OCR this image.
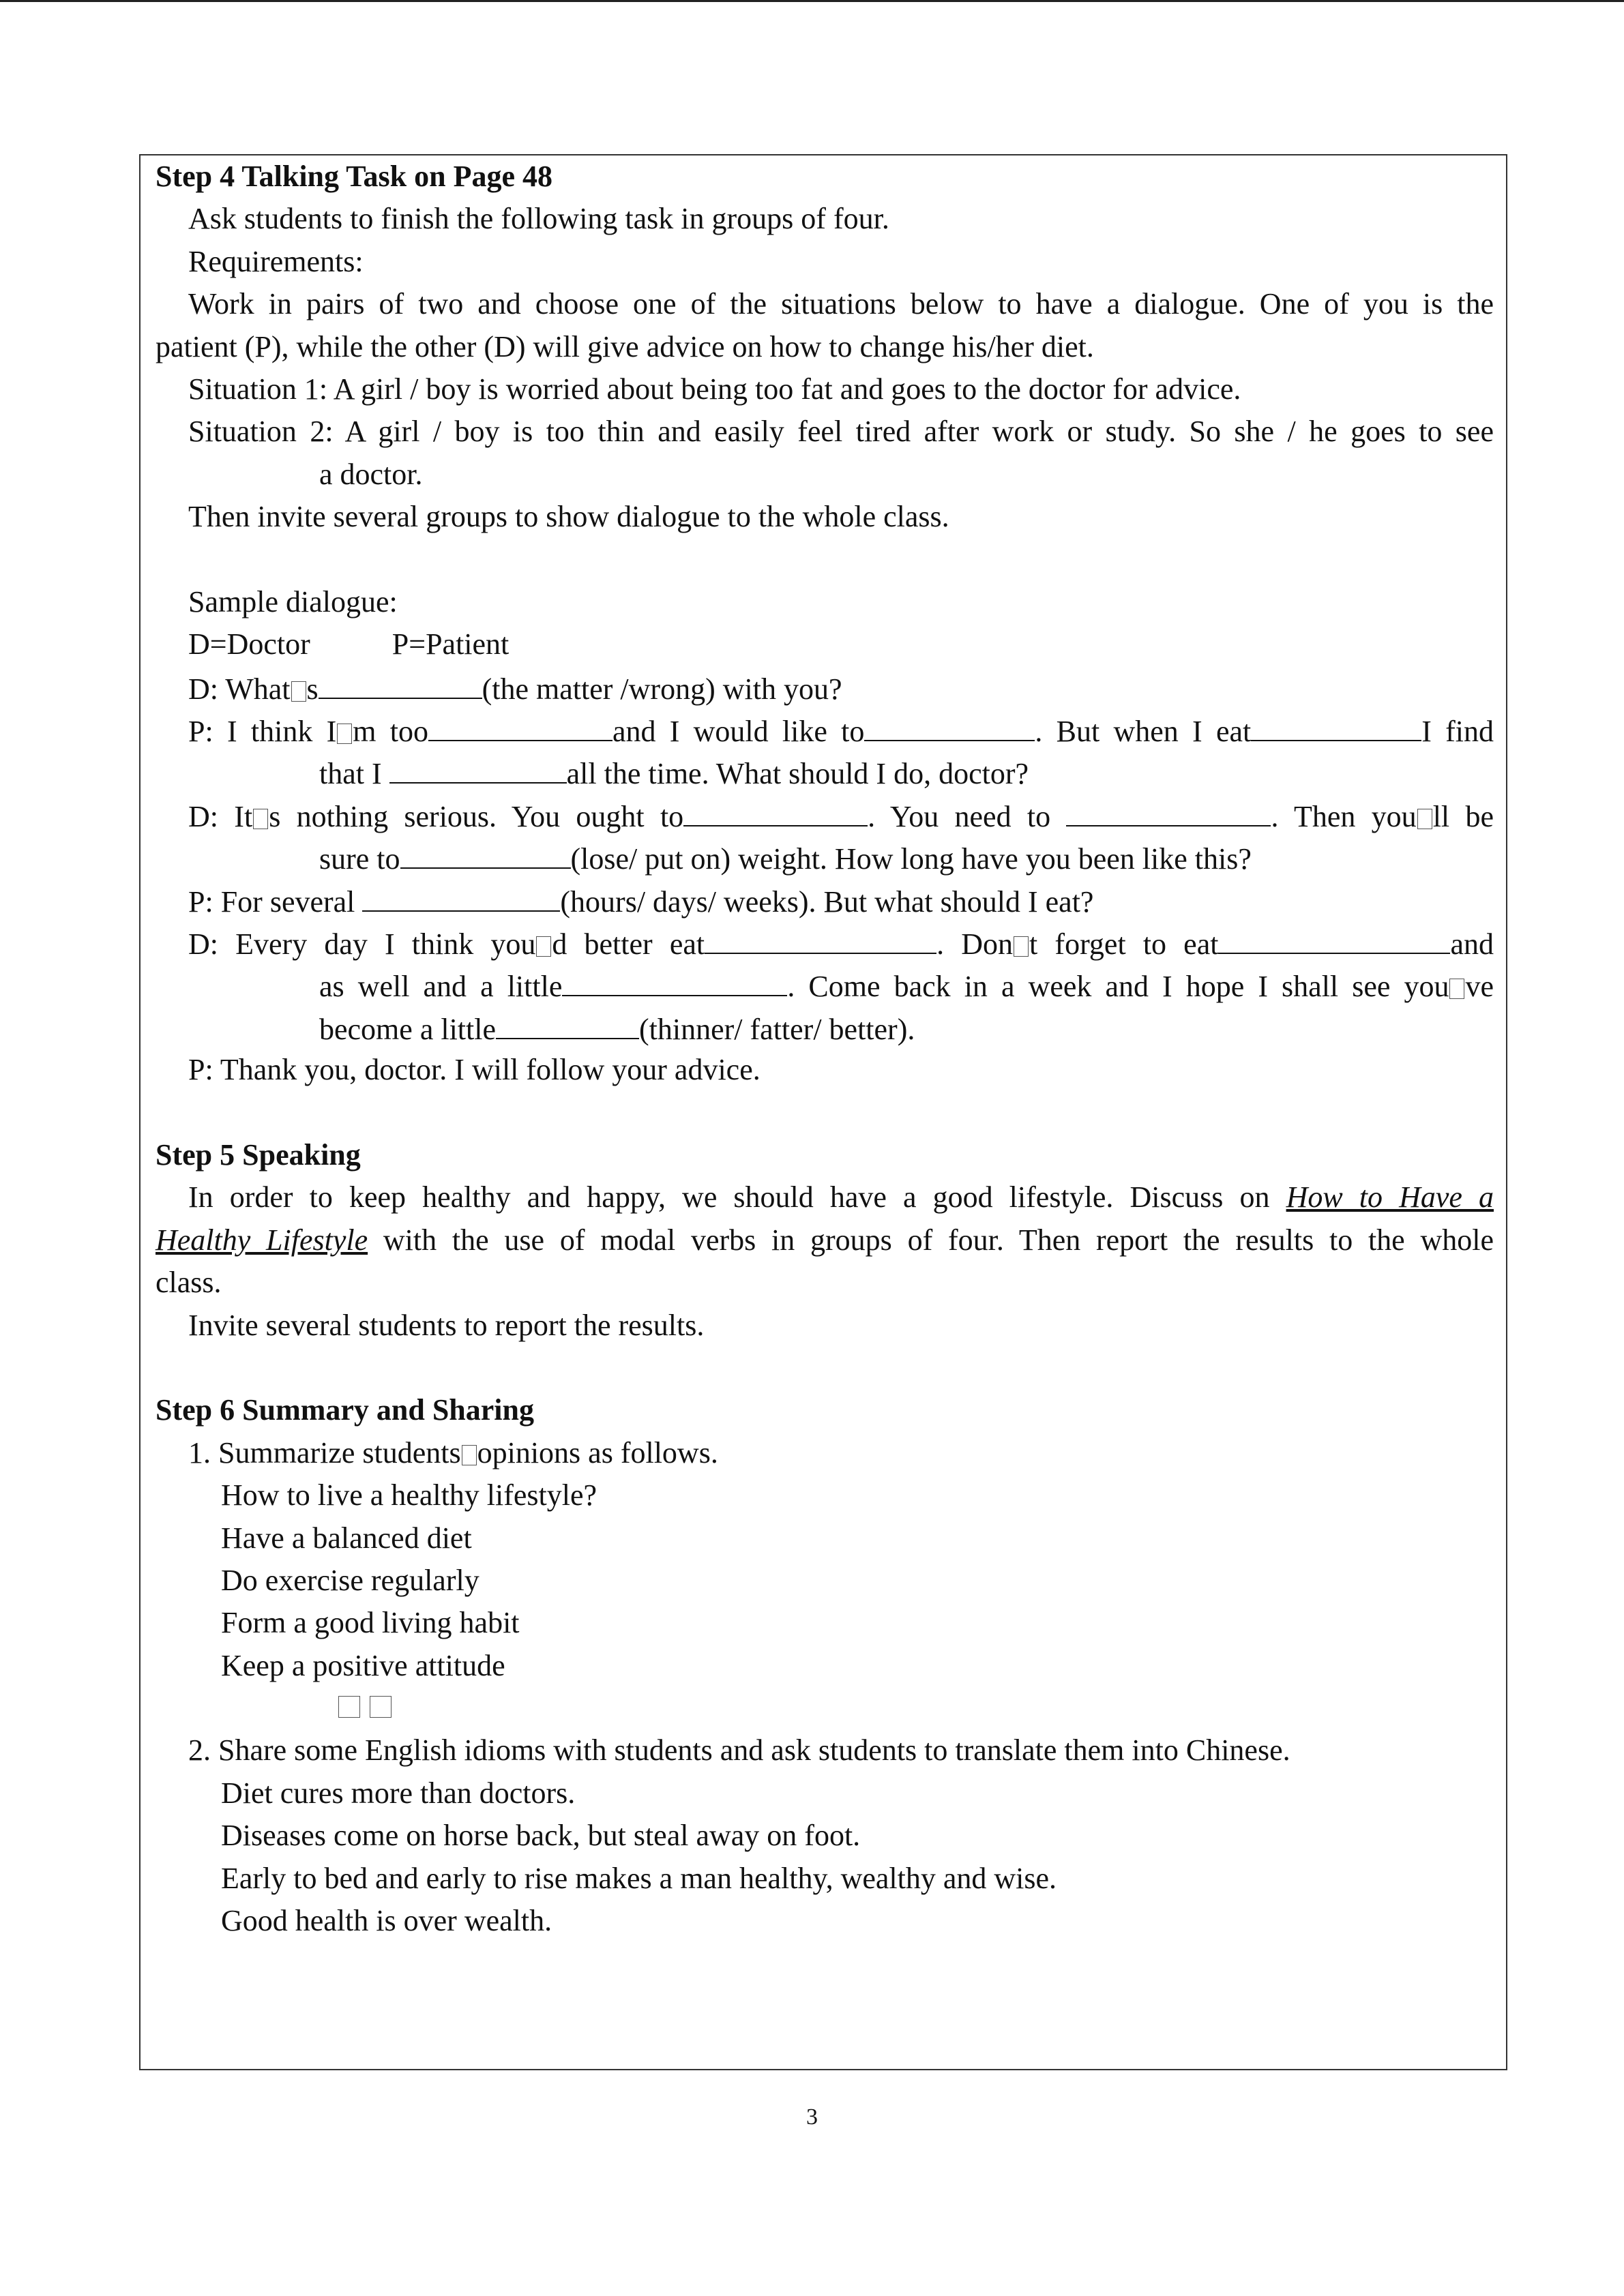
Step 4 Talking Task on Page 48
Ask students to finish the following task in groups of four.
Requirements:
Work in pairs of two and choose one of the situations below to have a dialogue. One of you is the
patient (P), while the other (D) will give advice on how to change his/her diet.
Situation 1: A girl / boy is worried about being too fat and goes to the doctor for advice.
Situation 2: A girl / boy is too thin and easily feel tired after work or study. So she / he goes to see
a doctor.
Then invite several groups to show dialogue to the whole class.
Sample dialogue:
D=Doctor	P=Patient
D: What s	(the matter /wrong) with you?
P: I think I m too	and I would like to	. But when I eat	I find
that I	all the time. What should I do, doctor?
D: It s nothing serious. You ought to	. You need to	. Then you ll be
sure to	(lose/ put on) weight. How long have you been like this?
P: For several	(hours/ days/ weeks). But what should I eat?
D: Every day I think you d better eat	. Don t forget to eat	and
as well and a little	. Come back in a week and I hope I shall see you ve
become a little	(thinner/ fatter/ better).
P: Thank you, doctor. I will follow your advice.
Step 5 Speaking
In order to keep healthy and happy, we should have a good lifestyle. Discuss on How to Have a
Healthy Lifestyle with the use of modal verbs in groups of four. Then report the results to the whole
class.
Invite several students to report the results.
Step 6 Summary and Sharing
1. Summarize students opinions as follows.
How to live a healthy lifestyle?
Have a balanced diet
Do exercise regularly
Form a good living habit
Keep a positive attitude
2. Share some English idioms with students and ask students to translate them into Chinese.
Diet cures more than doctors.
Diseases come on horse back, but steal away on foot.
Early to bed and early to rise makes a man healthy, wealthy and wise.
Good health is over wealth.
3
